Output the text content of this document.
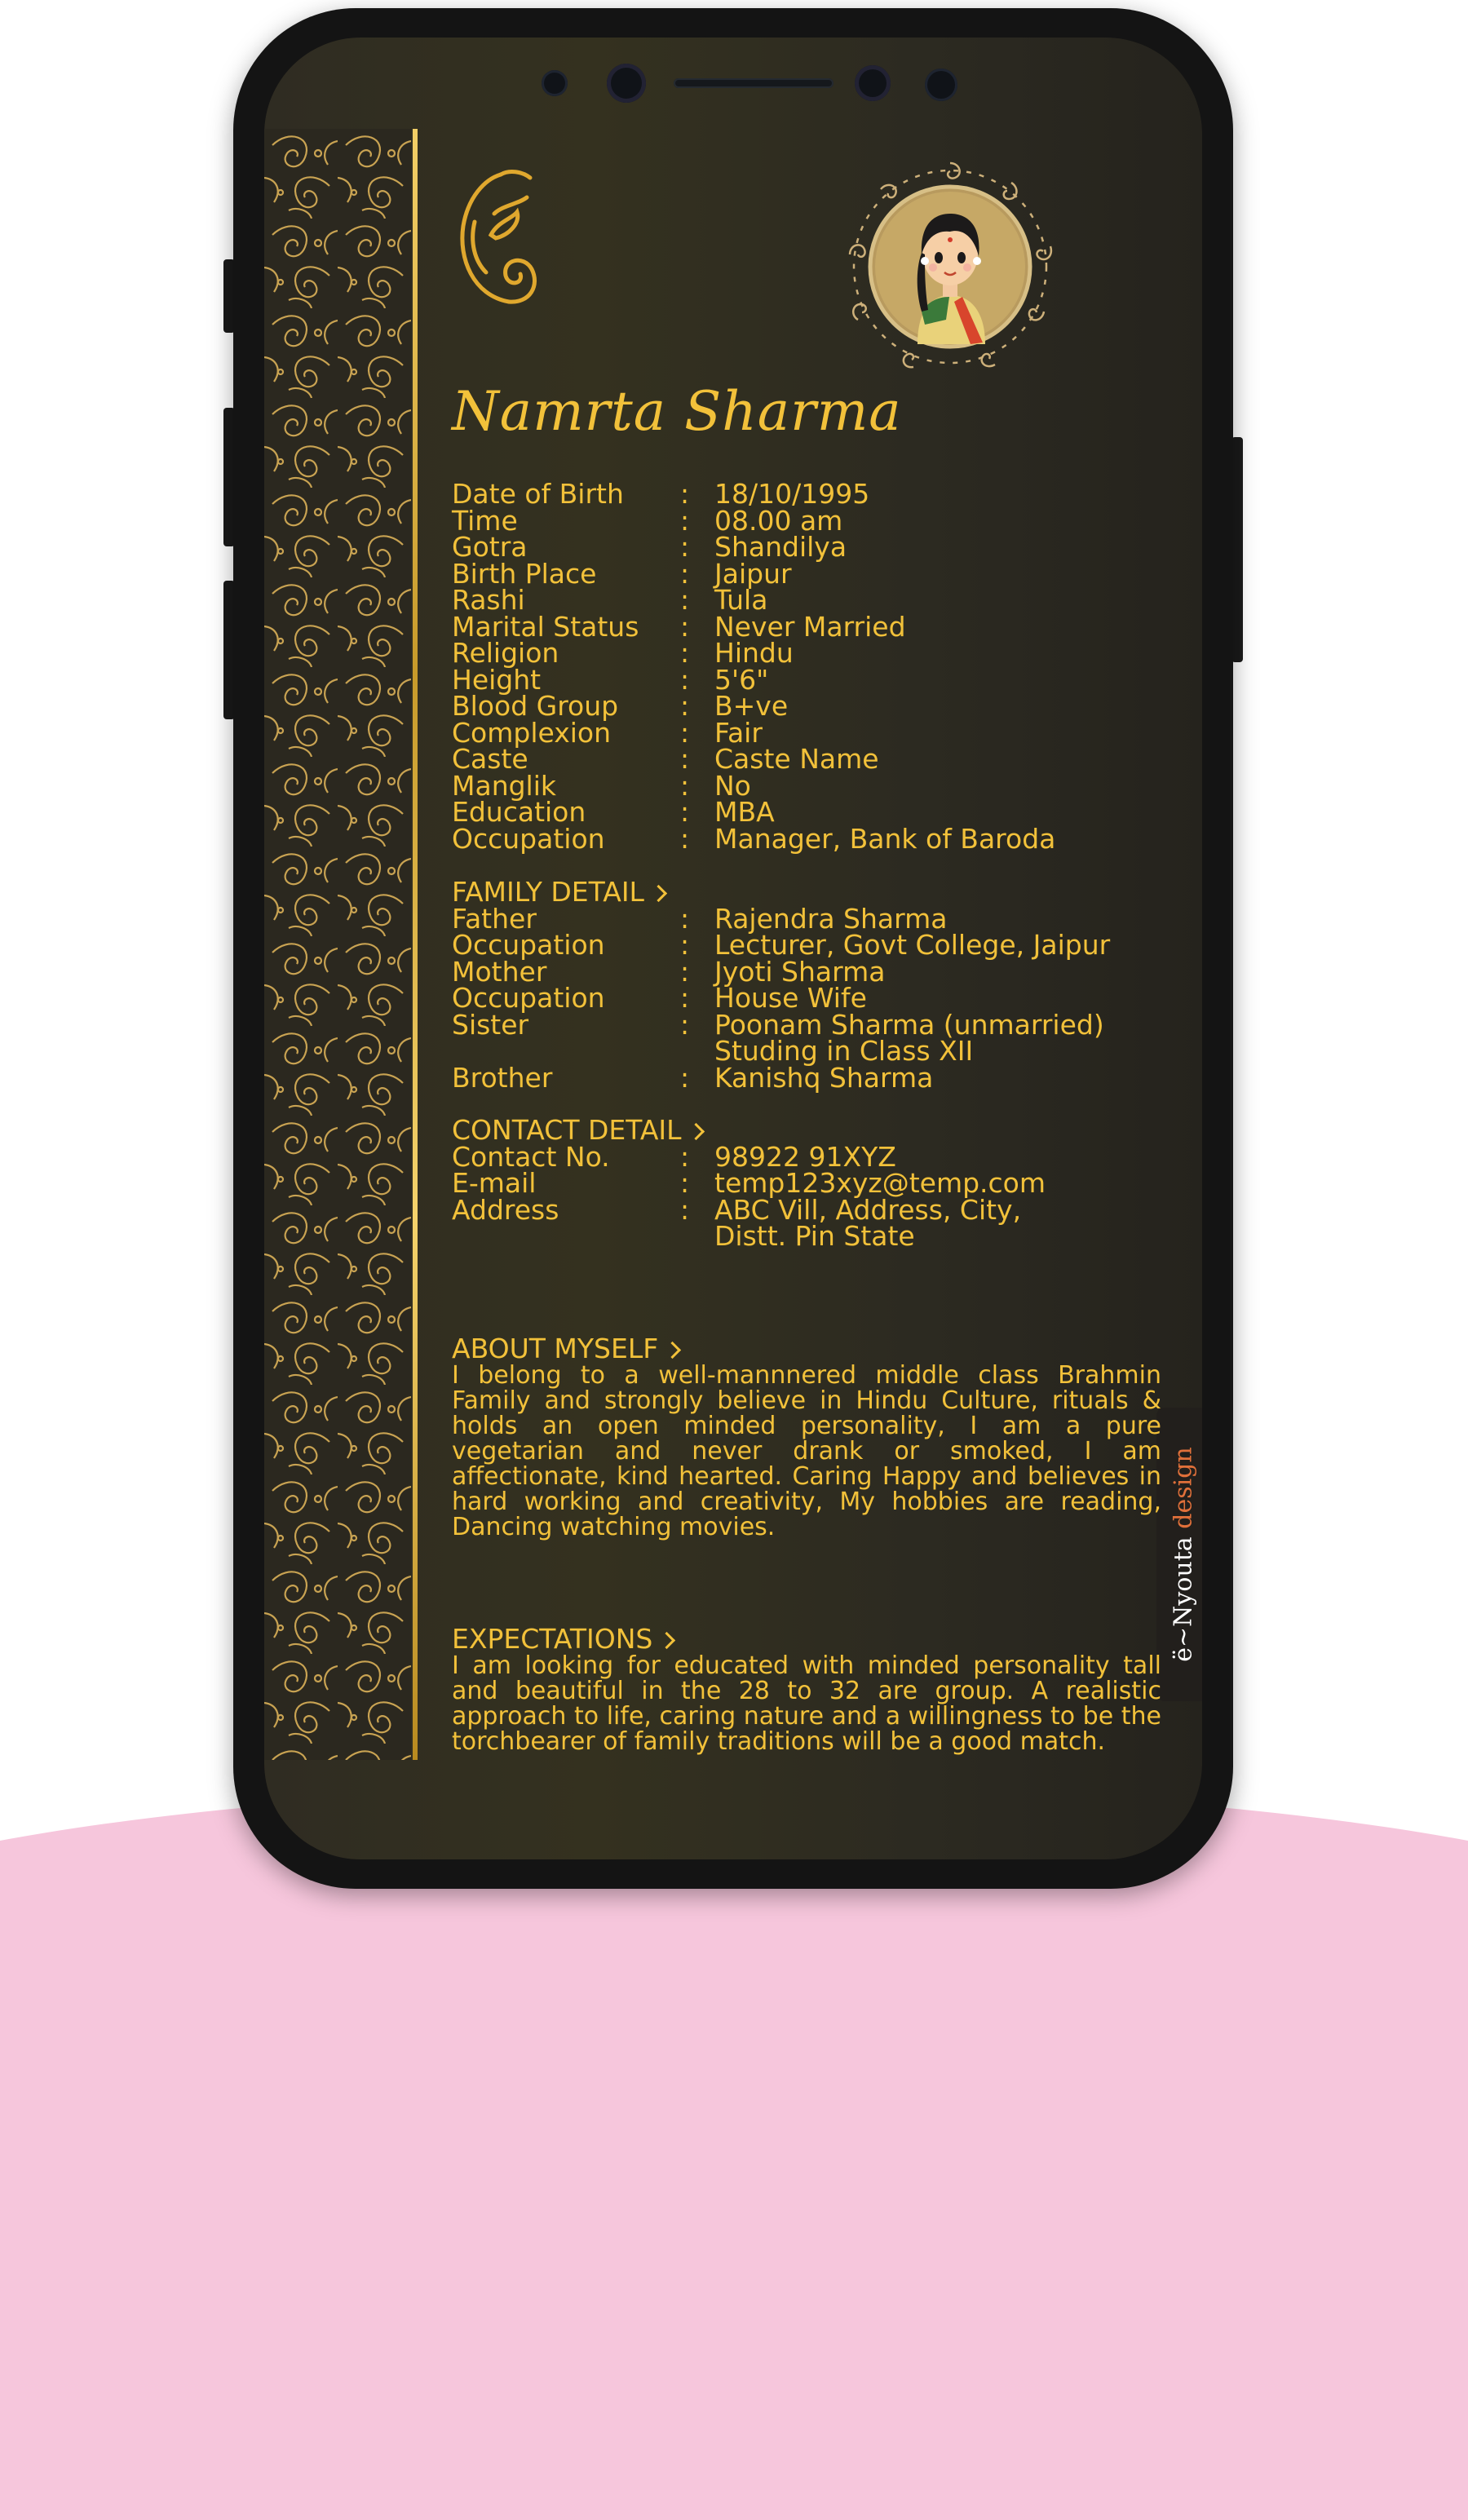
ë~Nyouta design
Namrta Sharma
Date of Birth	: 18/10/1995
Time	: 08.00 am
Gotra	: Shandilya
Birth Place	: Jaipur
Rashi	: Tula
Marital Status	: Never Married
Religion	: Hindu
Height	: 5'6"
Blood Group	: B+ve
Complexion	: Fair
Caste	: Caste Name
Manglik	: No
Education	: MBA
Occupation	: Manager, Bank of Baroda
FAMILY DETAIL
Father	: Rajendra Sharma
Occupation	: Lecturer, Govt College, Jaipur
Mother	: Jyoti Sharma
Occupation	: House Wife
Sister	: Poonam Sharma (unmarried)
Studing in Class XII
Brother	: Kanishq Sharma
CONTACT DETAIL
Contact No.	: 98922 91XYZ
E-mail	: temp123xyz@temp.com
Address	: ABC Vill, Address, City,
Distt. Pin State
ABOUT MYSELF
I belong to a well-mannnered middle class Brahmin Family and strongly believe in Hindu Culture, rituals & holds an open minded personality, I am a pure vegetarian and never drank or smoked, I am affectionate, kind hearted. Caring Happy and believes in hard working and creativity, My hobbies are reading, Dancing watching movies.
EXPECTATIONS
I am looking for educated with minded personality tall and beautiful in the 28 to 32 are group. A realistic approach to life, caring nature and a willingness to be the torchbearer of family traditions will be a good match.
